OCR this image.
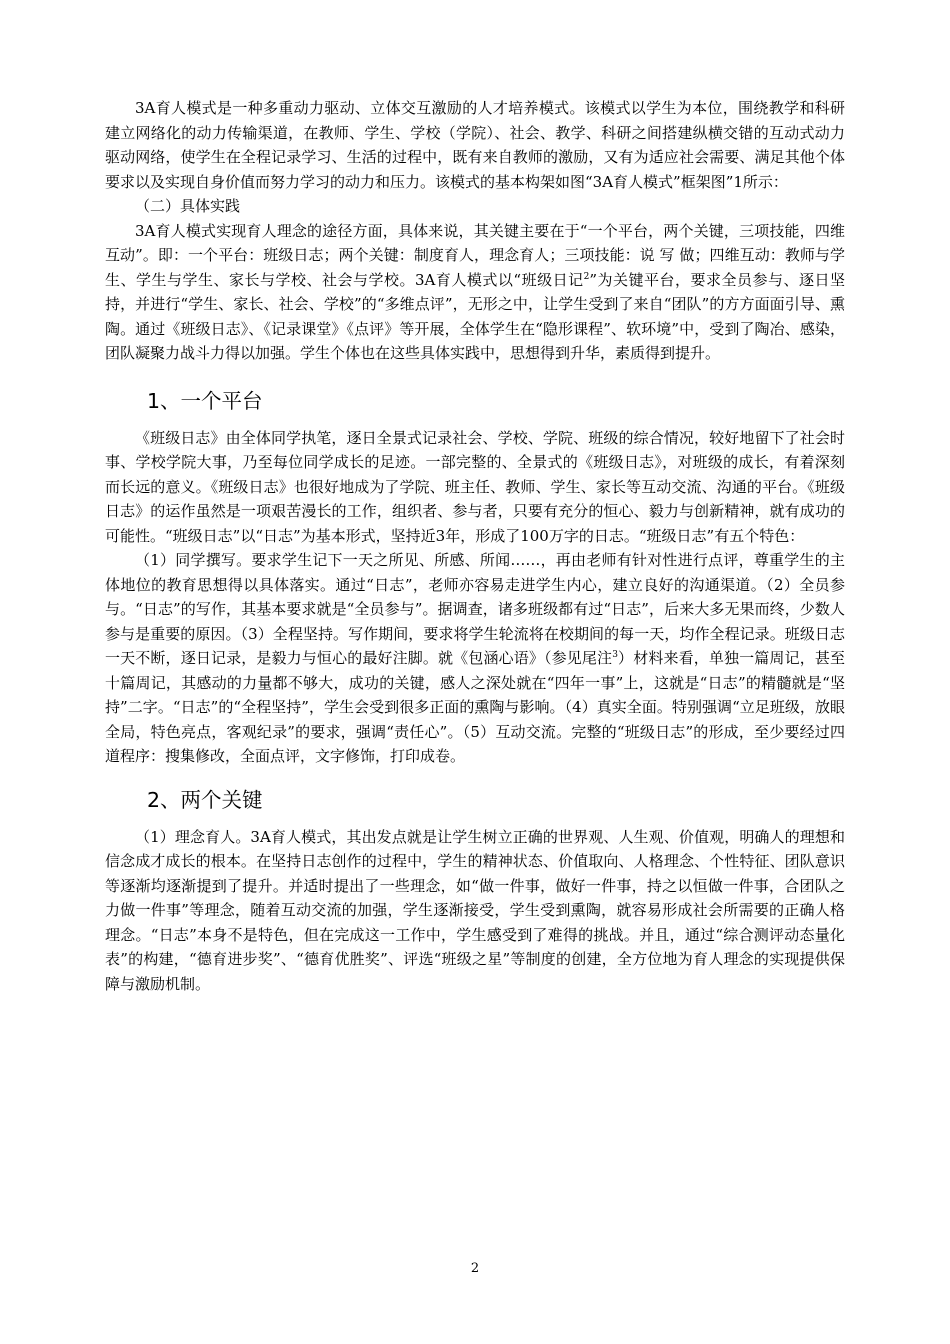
3A育人模式是一种多重动力驱动、立体交互激励的人才培养模式。该模式以学生为本位，围绕教学和科研建立网络化的动力传输渠道，在教师、学生、学校（学院）、社会、教学、科研之间搭建纵横交错的互动式动力驱动网络，使学生在全程记录学习、生活的过程中，既有来自教师的激励，又有为适应社会需要、满足其他个体要求以及实现自身价值而努力学习的动力和压力。该模式的基本构架如图“3A育人模式”框架图”1所示：

（二）具体实践

3A育人模式实现育人理念的途径方面，具体来说，其关键主要在于“一个平台，两个关键，三项技能，四维互动”。即：一个平台：班级日志；两个关键：制度育人，理念育人；三项技能：说 写 做；四维互动：教师与学生、学生与学生、家长与学校、社会与学校。3A育人模式以“班级日记$^2$”为关键平台，要求全员参与、逐日坚持，并进行“学生、家长、社会、学校”的“多维点评”，无形之中，让学生受到了来自“团队”的方方面面引导、熏陶。通过《班级日志》、《记录课堂》《点评》等开展，全体学生在“隐形课程”、软环境”中，受到了陶冶、感染，团队凝聚力战斗力得以加强。学生个体也在这些具体实践中，思想得到升华，素质得到提升。

1、一个平台

《班级日志》由全体同学执笔，逐日全景式记录社会、学校、学院、班级的综合情况，较好地留下了社会时事、学校学院大事，乃至每位同学成长的足迹。一部完整的、全景式的《班级日志》，对班级的成长，有着深刻而长远的意义。《班级日志》也很好地成为了学院、班主任、教师、学生、家长等互动交流、沟通的平台。《班级日志》的运作虽然是一项艰苦漫长的工作，组织者、参与者，只要有充分的恒心、毅力与创新精神，就有成功的可能性。“班级日志”以“日志”为基本形式，坚持近3年，形成了100万字的日志。“班级日志”有五个特色：

（1）同学撰写。要求学生记下一天之所见、所感、所闻……，再由老师有针对性进行点评，尊重学生的主体地位的教育思想得以具体落实。通过“日志”，老师亦容易走进学生内心，建立良好的沟通渠道。（2）全员参与。“日志”的写作，其基本要求就是“全员参与”。据调查，诸多班级都有过“日志”，后来大多无果而终，少数人参与是重要的原因。（3）全程坚持。写作期间，要求将学生轮流将在校期间的每一天，均作全程记录。班级日志一天不断，逐日记录，是毅力与恒心的最好注脚。就《包涵心语》（参见尾注$^3$）材料来看，单独一篇周记，甚至十篇周记，其感动的力量都不够大，成功的关键，感人之深处就在“四年一事”上，这就是“日志”的精髓就是“坚持”二字。“日志”的“全程坚持”，学生会受到很多正面的熏陶与影响。（4）真实全面。特别强调“立足班级，放眼全局，特色亮点，客观纪录”的要求，强调“责任心”。（5）互动交流。完整的“班级日志”的形成，至少要经过四道程序：搜集修改，全面点评，文字修饰，打印成卷。

2、两个关键

（1）理念育人。3A育人模式，其出发点就是让学生树立正确的世界观、人生观、价值观，明确人的理想和信念成才成长的根本。在坚持日志创作的过程中，学生的精神状态、价值取向、人格理念、个性特征、团队意识等逐渐均逐渐提到了提升。并适时提出了一些理念，如“做一件事，做好一件事，持之以恒做一件事，合团队之力做一件事”等理念，随着互动交流的加强，学生逐渐接受，学生受到熏陶，就容易形成社会所需要的正确人格理念。“日志”本身不是特色，但在完成这一工作中，学生感受到了难得的挑战。并且，通过“综合测评动态量化表”的构建，“德育进步奖”、“德育优胜奖”、评选“班级之星”等制度的创建，全方位地为育人理念的实现提供保障与激励机制。

2
